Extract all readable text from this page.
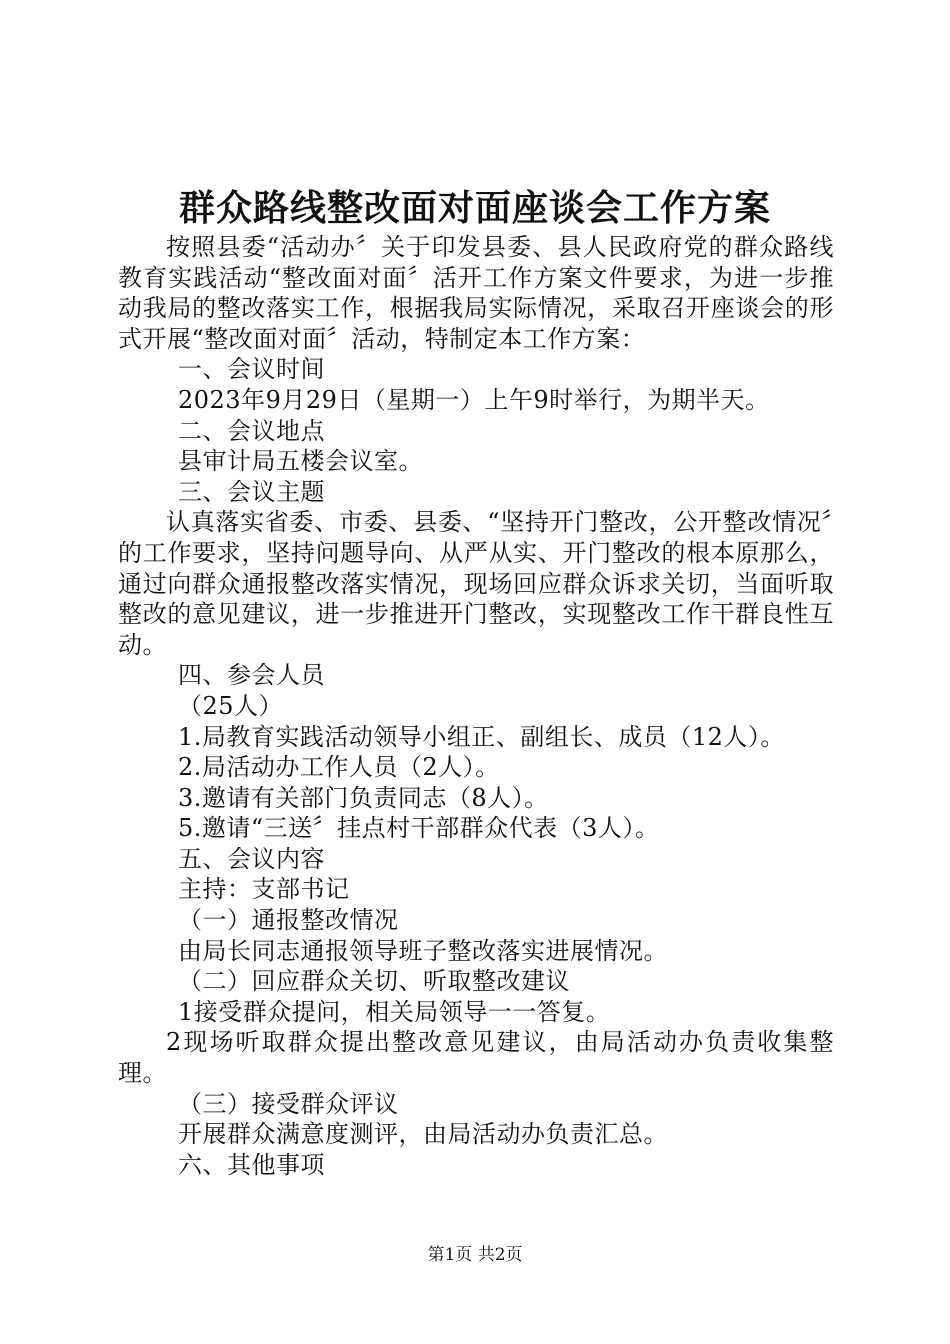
群众路线整改面对面座谈会工作方案

按照县委“活动办〞关于印发县委、县人民政府党的群众路线教育实践活动“整改面对面〞活开工作方案文件要求，为进一步推动我局的整改落实工作，根据我局实际情况，采取召开座谈会的形式开展“整改面对面〞活动，特制定本工作方案：

一、会议时间

2023年9月29日（星期一）上午9时举行，为期半天。

二、会议地点

县审计局五楼会议室。

三、会议主题

认真落实省委、市委、县委、“坚持开门整改，公开整改情况〞的工作要求，坚持问题导向、从严从实、开门整改的根本原那么，通过向群众通报整改落实情况，现场回应群众诉求关切，当面听取整改的意见建议，进一步推进开门整改，实现整改工作干群良性互动。

四、参会人员

（25人）

1.局教育实践活动领导小组正、副组长、成员（12人）。

2.局活动办工作人员（2人）。

3.邀请有关部门负责同志（8人）。

5.邀请“三送〞挂点村干部群众代表（3人）。

五、会议内容

主持：支部书记

（一）通报整改情况

由局长同志通报领导班子整改落实进展情况。

（二）回应群众关切、听取整改建议

1接受群众提问，相关局领导一一答复。

2现场听取群众提出整改意见建议，由局活动办负责收集整理。

（三）接受群众评议

开展群众满意度测评，由局活动办负责汇总。

六、其他事项

第1页 共2页
